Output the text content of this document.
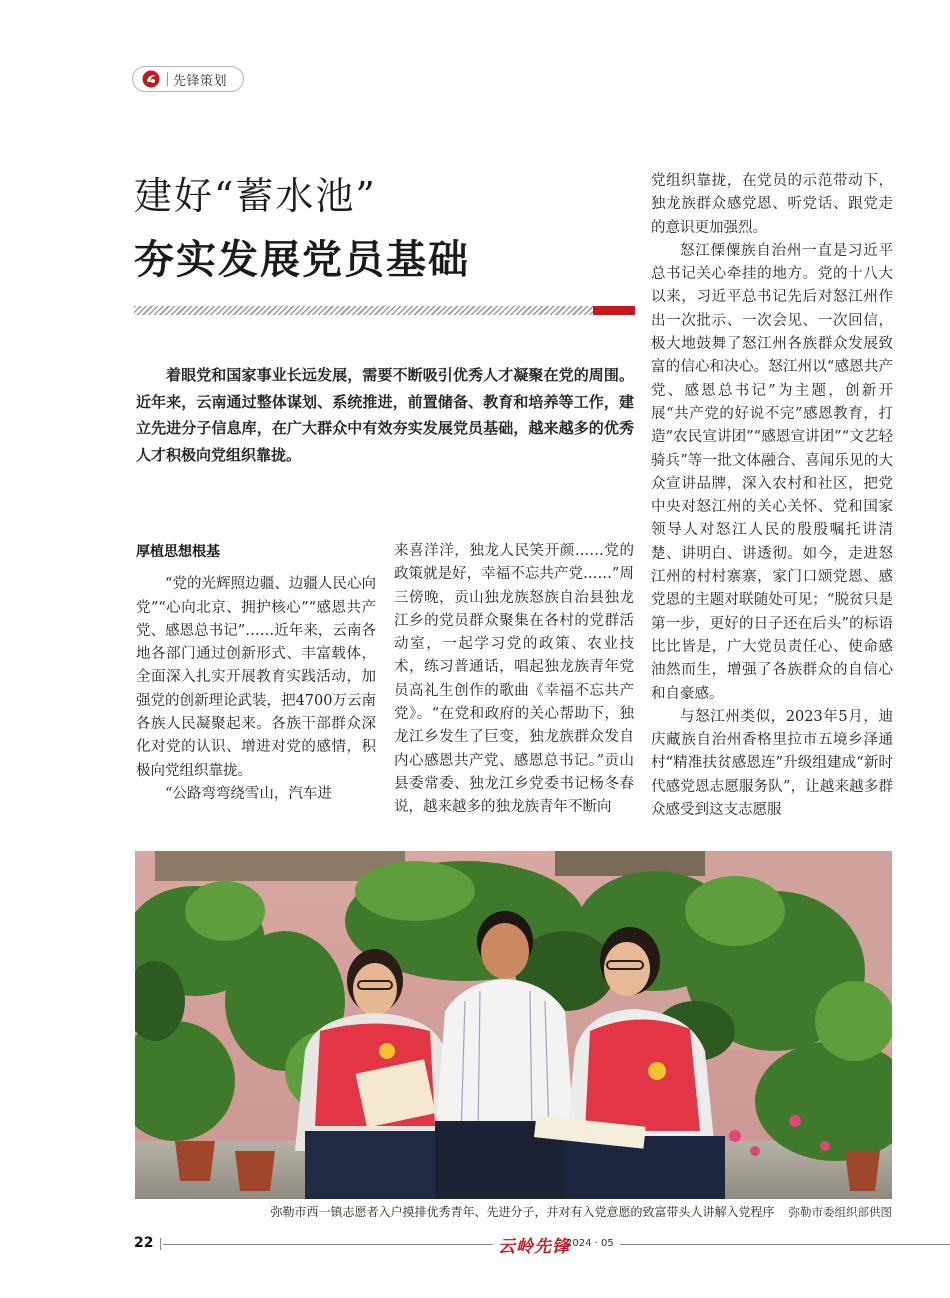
先锋策划
建好“蓄水池”
夯实发展党员基础

着眼党和国家事业长远发展，需要不断吸引优秀人才凝聚在党的周围。近年来，云南通过整体谋划、系统推进，前置储备、教育和培养等工作，建立先进分子信息库，在广大群众中有效夯实发展党员基础，越来越多的优秀人才积极向党组织靠拢。

厚植思想根基

“党的光辉照边疆、边疆人民心向党”“心向北京、拥护核心”“感恩共产党、感恩总书记”……近年来，云南各地各部门通过创新形式、丰富载体，全面深入扎实开展教育实践活动，加强党的创新理论武装，把4700万云南各族人民凝聚起来。各族干部群众深化对党的认识、增进对党的感情，积极向党组织靠拢。

“公路弯弯绕雪山，汽车进

来喜洋洋，独龙人民笑开颜……党的政策就是好，幸福不忘共产党……”周三傍晚，贡山独龙族怒族自治县独龙江乡的党员群众聚集在各村的党群活动室，一起学习党的政策、农业技术，练习普通话，唱起独龙族青年党员高礼生创作的歌曲《幸福不忘共产党》。“在党和政府的关心帮助下，独龙江乡发生了巨变，独龙族群众发自内心感恩共产党、感恩总书记。”贡山县委常委、独龙江乡党委书记杨冬春说，越来越多的独龙族青年不断向

党组织靠拢，在党员的示范带动下，独龙族群众感党恩、听党话、跟党走的意识更加强烈。

怒江傈僳族自治州一直是习近平总书记关心牵挂的地方。党的十八大以来，习近平总书记先后对怒江州作出一次批示、一次会见、一次回信，极大地鼓舞了怒江州各族群众发展致富的信心和决心。怒江州以“感恩共产党、感恩总书记”为主题，创新开展“共产党的好说不完”感恩教育，打造“农民宣讲团”“感恩宣讲团”“文艺轻骑兵”等一批文体融合、喜闻乐见的大众宣讲品牌，深入农村和社区，把党中央对怒江州的关心关怀、党和国家领导人对怒江人民的殷殷嘱托讲清楚、讲明白、讲透彻。如今，走进怒江州的村村寨寨，家门口颂党恩、感党恩的主题对联随处可见；“脱贫只是第一步，更好的日子还在后头”的标语比比皆是，广大党员责任心、使命感油然而生，增强了各族群众的自信心和自豪感。

与怒江州类似，2023年5月，迪庆藏族自治州香格里拉市五境乡泽通村“精准扶贫感恩连”升级组建成“新时代感党恩志愿服务队”，让越来越多群众感受到这支志愿服

弥勒市西一镇志愿者入户摸排优秀青年、先进分子，并对有入党意愿的致富带头人讲解入党程序 弥勒市委组织部供图
22	云岭先锋
2024 · 05
